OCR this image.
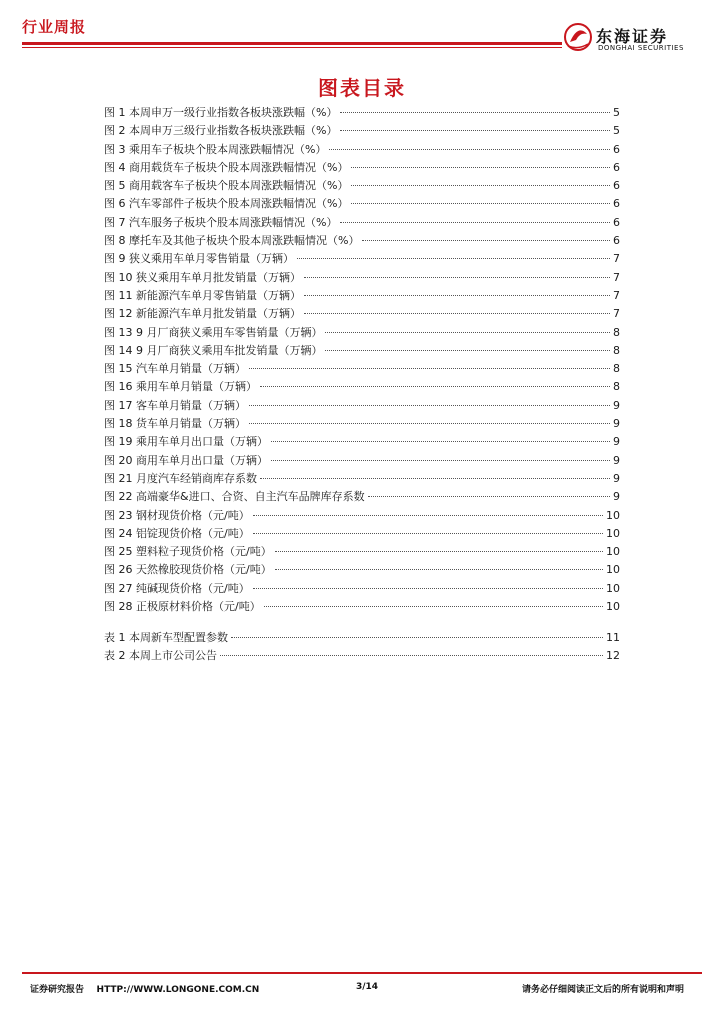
行业周报	东海证券
DONGHAI SECURITIES
图表目录
图 1 本周申万一级行业指数各板块涨跌幅（%）	5
图 2 本周申万三级行业指数各板块涨跌幅（%）	5
图 3 乘用车子板块个股本周涨跌幅情况（%）	6
图 4 商用载货车子板块个股本周涨跌幅情况（%）	6
图 5 商用载客车子板块个股本周涨跌幅情况（%）	6
图 6 汽车零部件子板块个股本周涨跌幅情况（%）	6
图 7 汽车服务子板块个股本周涨跌幅情况（%）	6
图 8 摩托车及其他子板块个股本周涨跌幅情况（%）	6
图 9 狭义乘用车单月零售销量（万辆）	7
图 10 狭义乘用车单月批发销量（万辆）	7
图 11 新能源汽车单月零售销量（万辆）	7
图 12 新能源汽车单月批发销量（万辆）	7
图 13 9 月厂商狭义乘用车零售销量（万辆）	8
图 14 9 月厂商狭义乘用车批发销量（万辆）	8
图 15 汽车单月销量（万辆）	8
图 16 乘用车单月销量（万辆）	8
图 17 客车单月销量（万辆）	9
图 18 货车单月销量（万辆）	9
图 19 乘用车单月出口量（万辆）	9
图 20 商用车单月出口量（万辆）	9
图 21 月度汽车经销商库存系数	9
图 22 高端豪华&进口、合资、自主汽车品牌库存系数	9
图 23 钢材现货价格（元/吨）	10
图 24 铝锭现货价格（元/吨）	10
图 25 塑料粒子现货价格（元/吨）	10
图 26 天然橡胶现货价格（元/吨）	10
图 27 纯碱现货价格（元/吨）	10
图 28 正极原材料价格（元/吨）	10
表 1 本周新车型配置参数	11
表 2 本周上市公司公告	12
证券研究报告    HTTP://WWW.LONGONE.COM.CN	3/14	请务必仔细阅读正文后的所有说明和声明
